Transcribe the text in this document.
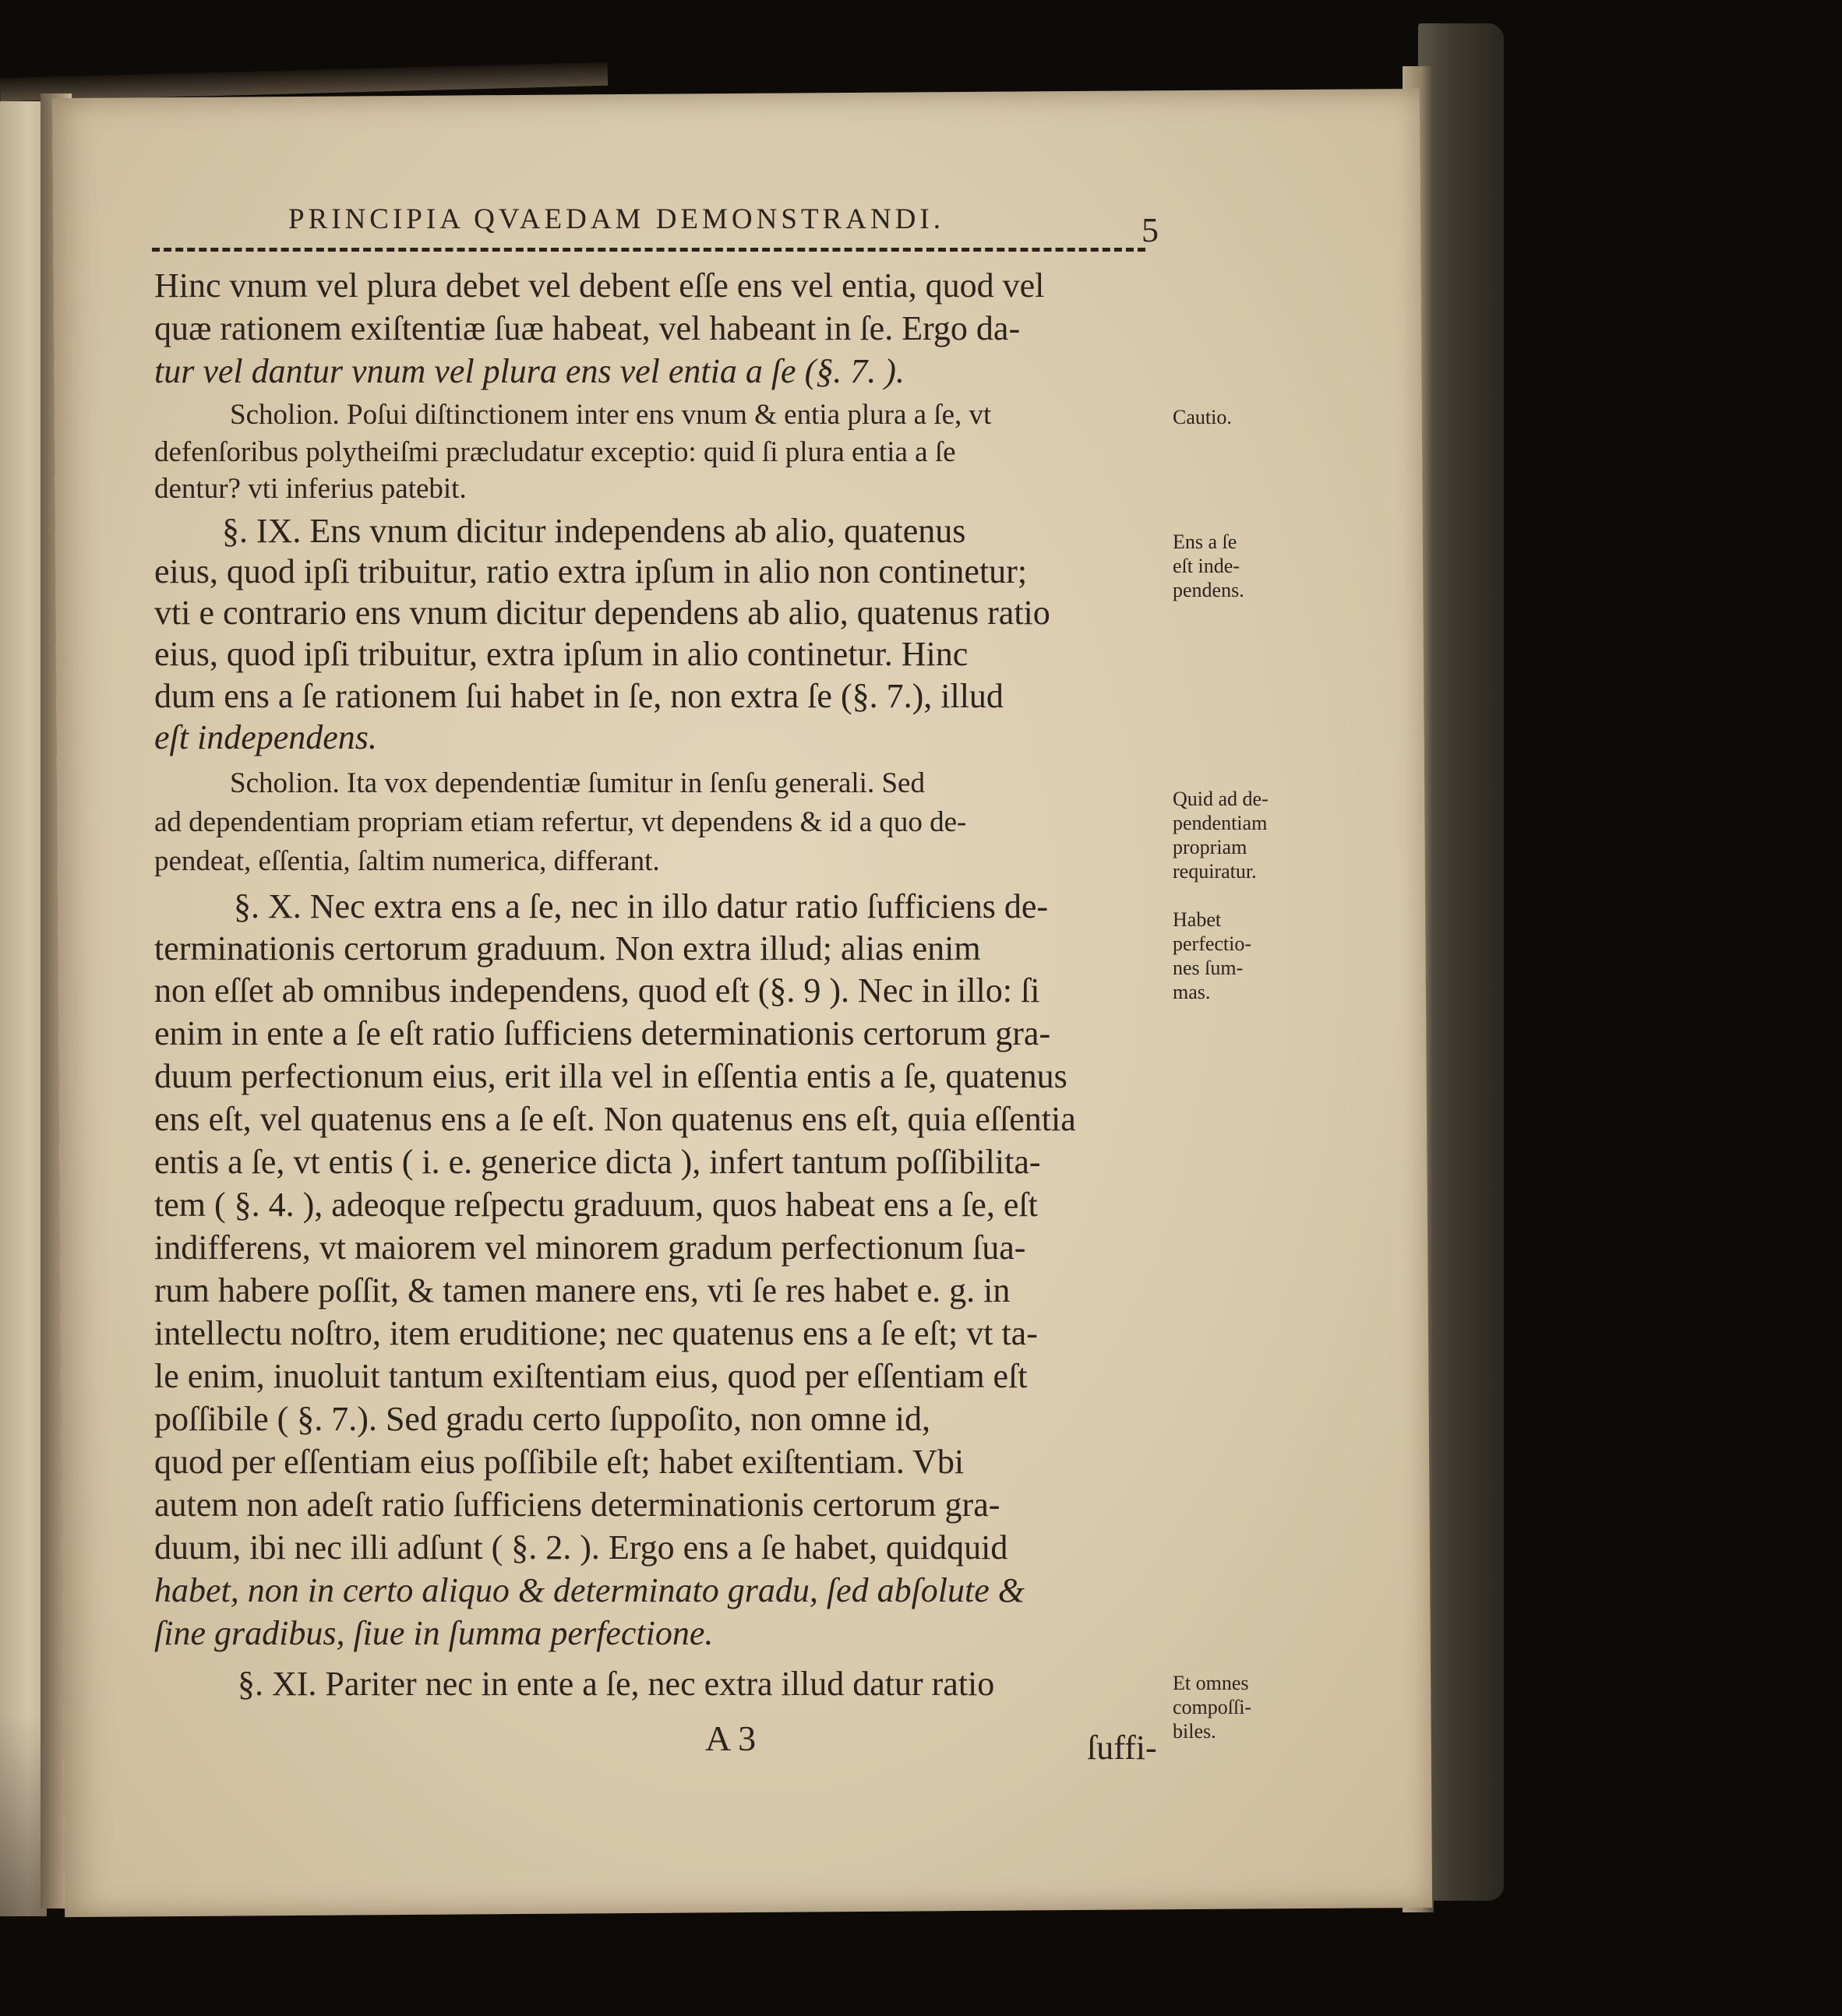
PRINCIPIA QVAEDAM DEMONSTRANDI.	5
Hinc vnum vel plura debet vel debent eſſe ens vel entia, quod vel
quæ rationem exiſtentiæ ſuæ habeat, vel habeant in ſe. Ergo da-
tur vel dantur vnum vel plura ens vel entia a ſe (§. 7. ).
Scholion. Poſui diſtinctionem inter ens vnum & entia plura a ſe, vt
defenſoribus polytheiſmi præcludatur exceptio: quid ſi plura entia a ſe
dentur? vti inferius patebit.
§. IX. Ens vnum dicitur independens ab alio, quatenus
eius, quod ipſi tribuitur, ratio extra ipſum in alio non continetur;
vti e contrario ens vnum dicitur dependens ab alio, quatenus ratio
eius, quod ipſi tribuitur, extra ipſum in alio continetur. Hinc
dum ens a ſe rationem ſui habet in ſe, non extra ſe (§. 7.), illud
eſt independens.
Scholion. Ita vox dependentiæ ſumitur in ſenſu generali. Sed
ad dependentiam propriam etiam refertur, vt dependens & id a quo de-
pendeat, eſſentia, ſaltim numerica, differant.
§. X. Nec extra ens a ſe, nec in illo datur ratio ſufficiens de-
terminationis certorum graduum. Non extra illud; alias enim
non eſſet ab omnibus independens, quod eſt (§. 9 ). Nec in illo: ſi
enim in ente a ſe eſt ratio ſufficiens determinationis certorum gra-
duum perfectionum eius, erit illa vel in eſſentia entis a ſe, quatenus
ens eſt, vel quatenus ens a ſe eſt. Non quatenus ens eſt, quia eſſentia
entis a ſe, vt entis ( i. e. generice dicta ), infert tantum poſſibilita-
tem ( §. 4. ), adeoque reſpectu graduum, quos habeat ens a ſe, eſt
indifferens, vt maiorem vel minorem gradum perfectionum ſua-
rum habere poſſit, & tamen manere ens, vti ſe res habet e. g. in
intellectu noſtro, item eruditione; nec quatenus ens a ſe eſt; vt ta-
le enim, inuoluit tantum exiſtentiam eius, quod per eſſentiam eſt
poſſibile ( §. 7.). Sed gradu certo ſuppoſito, non omne id,
quod per eſſentiam eius poſſibile eſt; habet exiſtentiam. Vbi
autem non adeſt ratio ſufficiens determinationis certorum gra-
duum, ibi nec illi adſunt ( §. 2. ). Ergo ens a ſe habet, quidquid
habet, non in certo aliquo & determinato gradu, ſed abſolute &
ſine gradibus, ſiue in ſumma perfectione.
§. XI. Pariter nec in ente a ſe, nec extra illud datur ratio
Cautio.
Ens a ſe
eſt inde-
pendens.
Quid ad de-
pendentiam
propriam
requiratur.
Habet
perfectio-
nes ſum-
mas.
Et omnes
compoſſi-
biles.
A 3	ſuffi-
